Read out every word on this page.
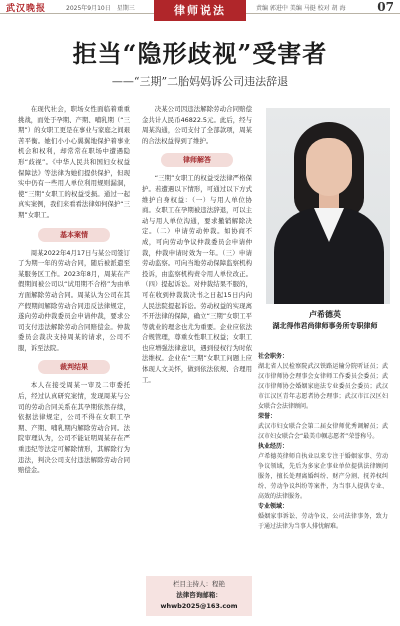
武汉晚报	2025年9月10日　星期三	责编 郭进中 美编 马挺 校对 胡 海	07
律师说法
拒当“隐形歧视”受害者
——“三期”二胎妈妈诉公司违法辞退

在现代社会，职场女性面临着重重挑战，而处于孕期、产期、哺乳期（“三期”）的女职工更是在事业与家庭之间艰苦平衡。她们小小心翼翼地保护着事业机会和权利，却常常在职场中遭遇隐形“歧视”。《中华人民共和国妇女权益保障法》等法律为她们提供保护，但现实中仍有一些用人单位利用规则漏洞，使“三期”女职工的权益受损。通过一起真实案例，我们来看看法律如何保护“三期”女职工。

基本案情

周某2022年4月17日与某公司签订了为期一年的劳动合同，随后被派遣至某服务区工作。2023年8月，周某在产假期间被公司以“试用期不合格”为由单方面解除劳动合同。周某认为公司在其产假期间解除劳动合同违反法律规定，遂向劳动仲裁委员会申请仲裁，要求公司支付违法解除劳动合同赔偿金。仲裁委员会裁决支持周某的请求，公司不服，诉至法院。

裁判结果

本人在接受周某一审及二审委托后，经过认真研究案情，发现周某与公司的劳动合同关系在其孕期依然存续，依据法律规定，公司不得在女职工孕期、产期、哺乳期内解除劳动合同。法院审理认为，公司不能证明周某存在严重违纪等法定可解除情形，其解除行为违法，判决公司支付违法解除劳动合同赔偿金。

决某公司因违法解除劳动合同赔偿金共计人民币46822.5元。此后，经与周某沟通，公司支付了全部款项，周某的合法权益得到了维护。

律师解答

“三期”女职工的权益受法律严格保护。若遭遇以下情形，可通过以下方式维护自身权益：（一）与用人单位协商。女职工在孕期被违法辞退，可以主动与用人单位沟通，要求撤销解除决定。（二）申请劳动仲裁。如协商不成，可向劳动争议仲裁委员会申请仲裁，仲裁申请时效为一年。（三）申请劳动监察。可向当地劳动保障监察机构投诉，由监察机构责令用人单位改正。（四）提起诉讼。对仲裁结果不服的，可在收到仲裁裁决书之日起15日内向人民法院提起诉讼。劳动权益的实现离不开法律的保障，确立“三期”女职工平等就业的理念也尤为重要。企业应依法合规管理，尊重女性职工权益；女职工也应增强法律意识，遇到侵权行为时依法维权。企业在“三期”女职工问题上应体现人文关怀，做到依法依规、合理用工。

卢希德英
湖北得伟君尚律师事务所专职律师
社会职务：
湖北省人民检察院武汉铁路运输分院听证员；武汉市律师协会理事会女律师工作委员会委员；武汉市律师协会婚姻家庭法专业委员会委员；武汉市江汉区青年志愿者协会理事；武汉市江汉区妇女联合会法律顾问。
荣誉：
武汉市妇女联合会第二届女律师优秀调解员；武汉市妇女联合会“最美巾帼志愿者”荣誉称号。
执业经历：
卢希德英律师自执业以来专注于婚姻家事、劳动争议领域，先后为多家企事业单位提供法律顾问服务，擅长处理离婚纠纷、财产分割、抚养权纠纷、劳动争议纠纷等案件，为当事人提供专业、高效的法律服务。
专业领域：
婚姻家事诉讼、劳动争议、公司法律事务，致力于通过法律为当事人排忧解难。
栏目主持人：程艳
法律咨询邮箱：
whwb2025@163.com
